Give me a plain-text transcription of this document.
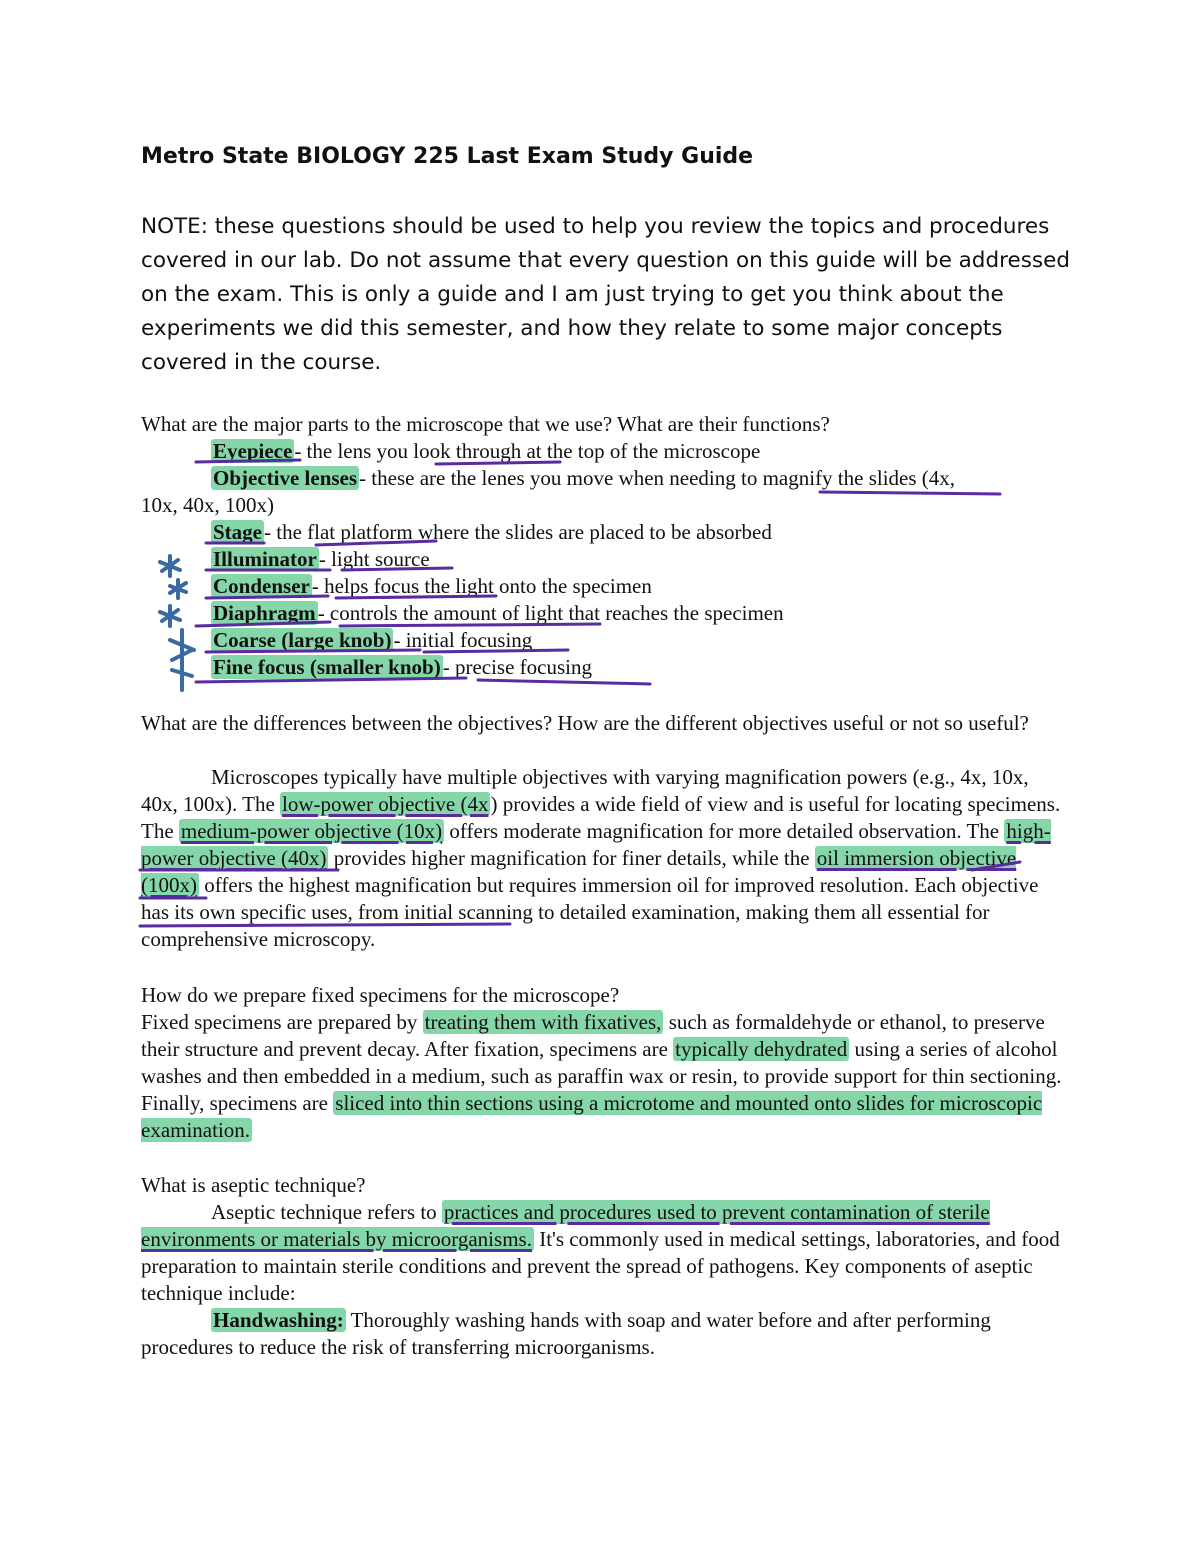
Metro State BIOLOGY 225 Last Exam Study Guide

NOTE: these questions should be used to help you review the topics and procedures covered in our lab. Do not assume that every question on this guide will be addressed on the exam. This is only a guide and I am just trying to get you think about the experiments we did this semester, and how they relate to some major concepts covered in the course.

What are the major parts to the microscope that we use? What are their functions?
Eyepiece- the lens you look through at the top of the microscope
Objective lenses- these are the lenes you move when needing to magnify the slides (4x,
10x, 40x, 100x)
Stage- the flat platform where the slides are placed to be absorbed
Illuminator- light source
Condenser- helps focus the light onto the specimen
Diaphragm- controls the amount of light that reaches the specimen
Coarse (large knob)- initial focusing
Fine focus (smaller knob)- precise focusing

What are the differences between the objectives? How are the different objectives useful or not so useful?

Microscopes typically have multiple objectives with varying magnification powers (e.g., 4x, 10x, 40x, 100x). The low-power objective (4x) provides a wide field of view and is useful for locating specimens. The medium-power objective (10x) offers moderate magnification for more detailed observation. The high-power objective (40x) provides higher magnification for finer details, while the oil immersion objective (100x) offers the highest magnification but requires immersion oil for improved resolution. Each objective has its own specific uses, from initial scanning to detailed examination, making them all essential for comprehensive microscopy.

How do we prepare fixed specimens for the microscope?

Fixed specimens are prepared by treating them with fixatives, such as formaldehyde or ethanol, to preserve their structure and prevent decay. After fixation, specimens are typically dehydrated using a series of alcohol washes and then embedded in a medium, such as paraffin wax or resin, to provide support for thin sectioning. Finally, specimens are sliced into thin sections using a microtome and mounted onto slides for microscopic examination.

What is aseptic technique?

Aseptic technique refers to practices and procedures used to prevent contamination of sterile environments or materials by microorganisms. It's commonly used in medical settings, laboratories, and food preparation to maintain sterile conditions and prevent the spread of pathogens. Key components of aseptic technique include:

Handwashing: Thoroughly washing hands with soap and water before and after performing procedures to reduce the risk of transferring microorganisms.
